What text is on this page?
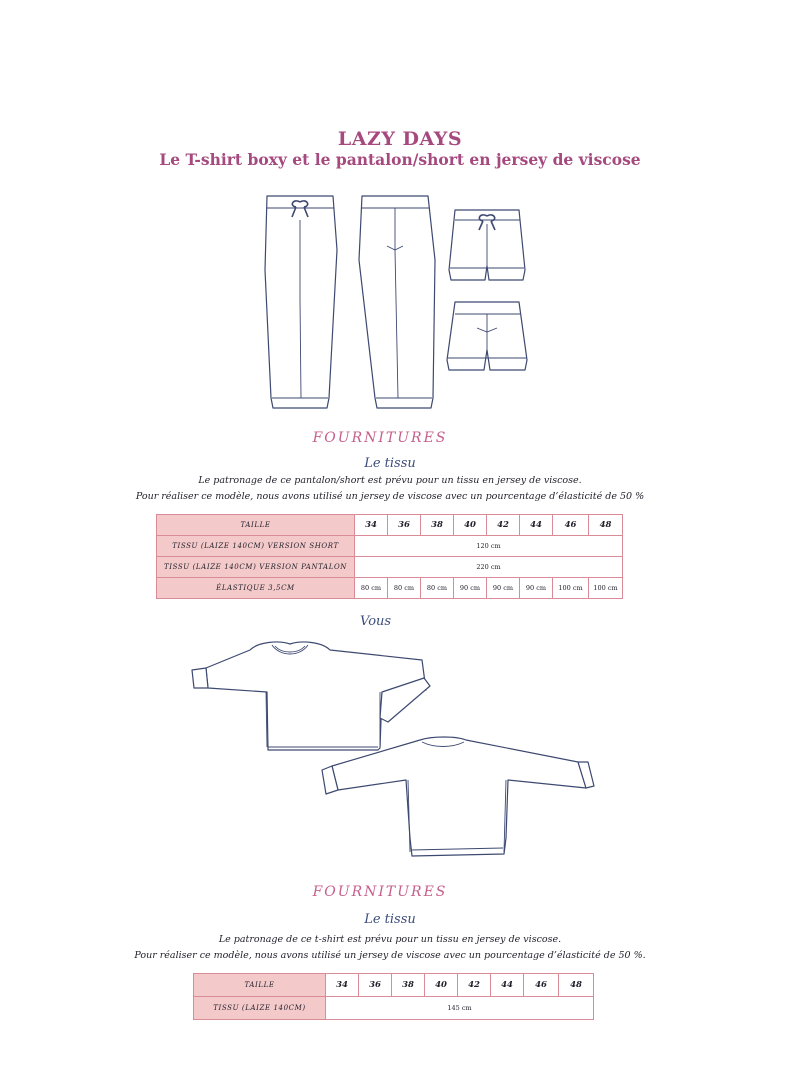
LAZY DAYS
Le T-shirt boxy et le pantalon/short en jersey de viscose
FOURNITURES
Le tissu
Le patronage de ce pantalon/short est prévu pour un tissu en jersey de viscose.
Pour réaliser ce modèle, nous avons utilisé un jersey de viscose avec un pourcentage d’élasticité de 50 %
TAILLE	34	36	38	40	42	44	46	48
TISSU (LAIZE 140CM) VERSION SHORT	120 cm							
TISSU (LAIZE 140CM) VERSION PANTALON	220 cm							
ÉLASTIQUE 3,5CM	80 cm	80 cm	80 cm	90 cm	90 cm	90 cm	100 cm	100 cm
Vous
FOURNITURES
Le tissu
Le patronage de ce t-shirt est prévu pour un tissu en jersey de viscose.
Pour réaliser ce modèle, nous avons utilisé un jersey de viscose avec un pourcentage d’élasticité de 50 %.
TAILLE	34	36	38	40	42	44	46	48
TISSU (LAIZE 140CM)	145 cm							
